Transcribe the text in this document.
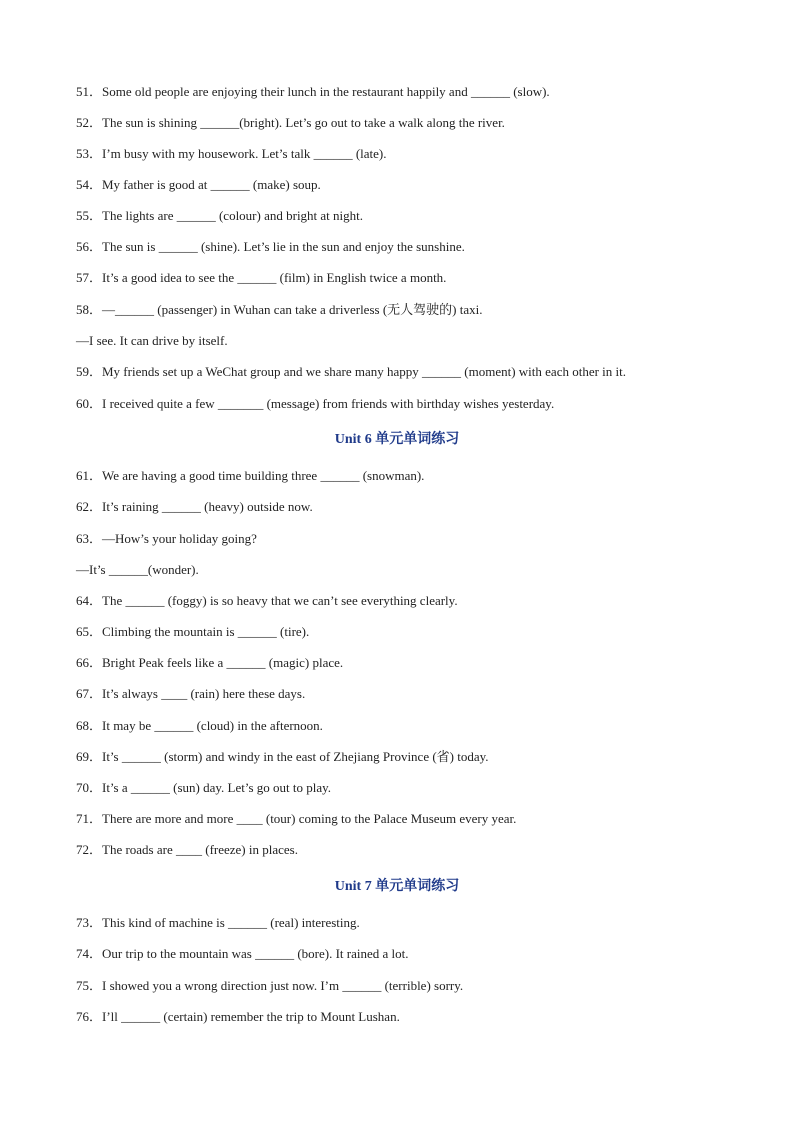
51．Some old people are enjoying their lunch in the restaurant happily and ______ (slow).
52．The sun is shining ______(bright). Let’s go out to take a walk along the river.
53．I’m busy with my housework. Let’s talk ______ (late).
54．My father is good at ______ (make) soup.
55．The lights are ______ (colour) and bright at night.
56．The sun is ______ (shine). Let’s lie in the sun and enjoy the sunshine.
57．It’s a good idea to see the ______ (film) in English twice a month.
58．—______ (passenger) in Wuhan can take a driverless (无人驾驶的) taxi.
—I see. It can drive by itself.
59．My friends set up a WeChat group and we share many happy ______ (moment) with each other in it.
60．I received quite a few _______ (message) from friends with birthday wishes yesterday.
Unit 6 单元单词练习
61．We are having a good time building three ______ (snowman).
62．It’s raining ______ (heavy) outside now.
63．—How’s your holiday going?
—It’s ______(wonder).
64．The ______ (foggy) is so heavy that we can’t see everything clearly.
65．Climbing the mountain is ______ (tire).
66．Bright Peak feels like a ______ (magic) place.
67．It’s always ____ (rain) here these days.
68．It may be ______ (cloud) in the afternoon.
69．It’s ______ (storm) and windy in the east of Zhejiang Province (省) today.
70．It’s a ______ (sun) day. Let’s go out to play.
71．There are more and more ____ (tour) coming to the Palace Museum every year.
72．The roads are ____ (freeze) in places.
Unit 7 单元单词练习
73．This kind of machine is ______ (real) interesting.
74．Our trip to the mountain was ______ (bore). It rained a lot.
75．I showed you a wrong direction just now. I’m ______ (terrible) sorry.
76．I’ll ______ (certain) remember the trip to Mount Lushan.
